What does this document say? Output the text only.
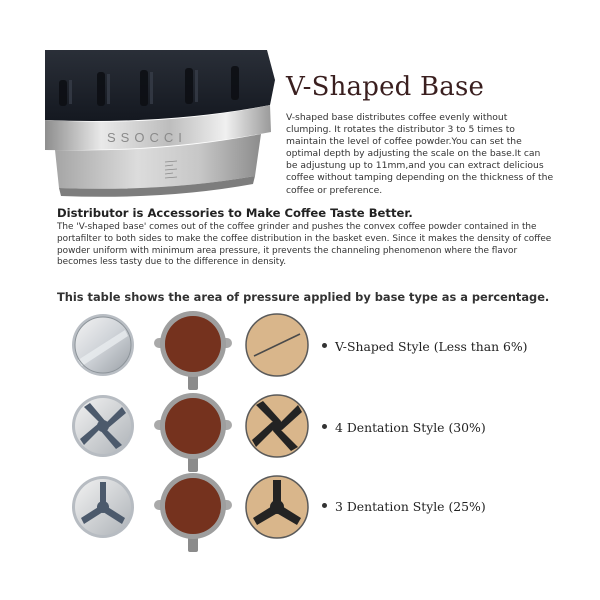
SSOCCI
V-Shaped Base
V-shaped base distributes coffee evenly without clumping. It rotates the distributor 3 to 5 times to maintain the level of coffee powder.You can set the optimal depth by adjusting the scale on the base.It can be adjustung up to 11mm,and you can extract delicious coffee without tamping depending on the thickness of the coffee or preference.
Distributor is Accessories to Make Coffee Taste Better.
The 'V-shaped base' comes out of the coffee grinder and pushes the convex coffee powder contained in the portafilter to both sides to make the coffee distribution in the basket even. Since it makes the density of coffee powder uniform with minimum area pressure, it prevents the channeling phenomenon where the flavor becomes less tasty due to the difference in density.
This table shows the area of pressure applied by base type as a percentage.
V-Shaped Style (Less than 6%)
4 Dentation Style (30%)
3 Dentation Style (25%)
